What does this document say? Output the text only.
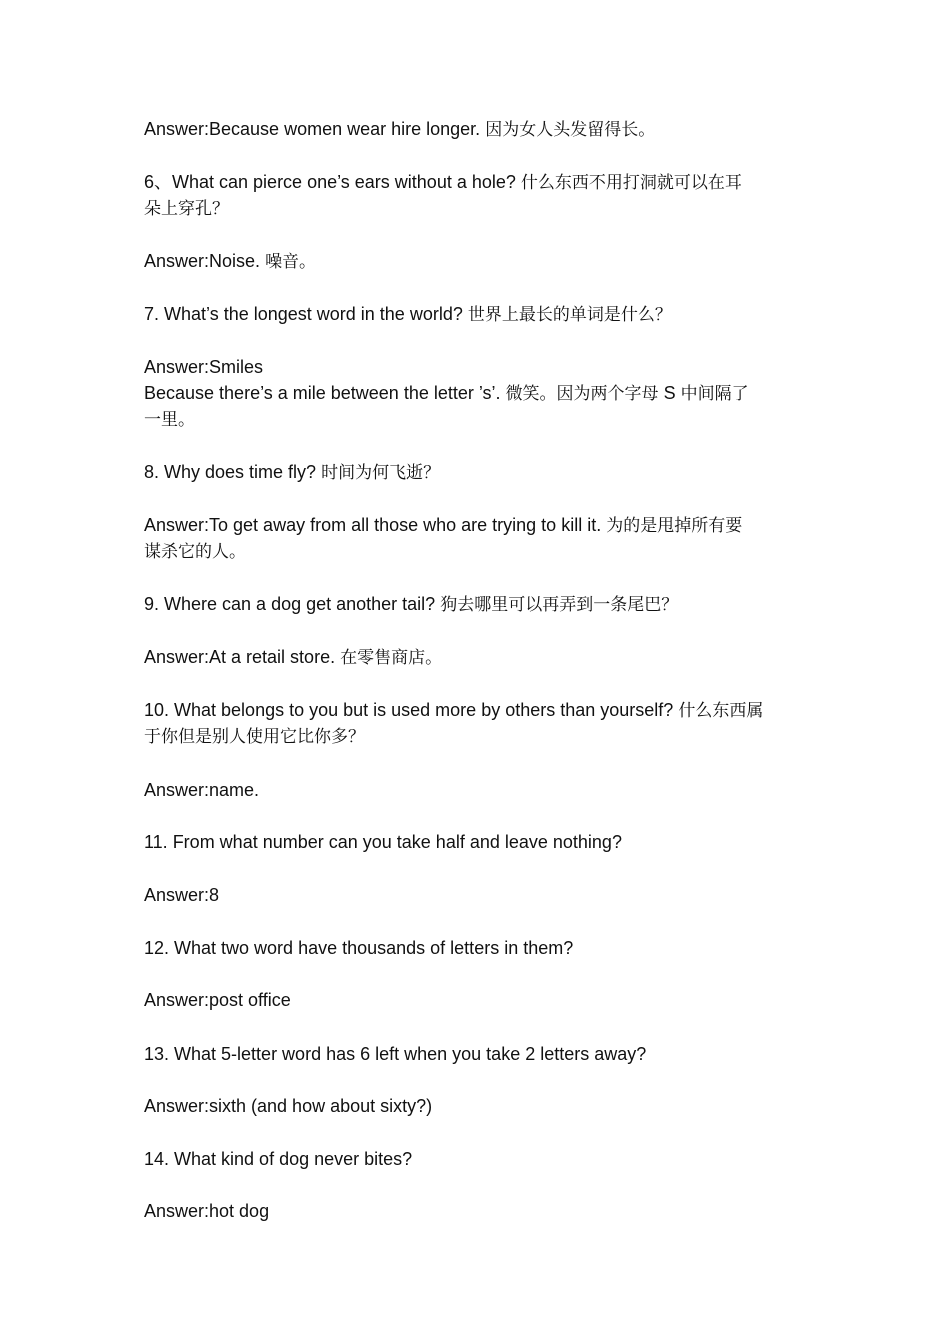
Answer:Because women wear hire longer. 因为女人头发留得长。
6、What can pierce one’s ears without a hole? 什么东西不用打洞就可以在耳
朵上穿孔？
Answer:Noise. 噪音。
7. What’s the longest word in the world? 世界上最长的单词是什么？
Answer:Smiles
Because there’s a mile between the letter ’s’. 微笑。因为两个字母 S 中间隔了
一里。
8. Why does time fly? 时间为何飞逝？
Answer:To get away from all those who are trying to kill it. 为的是甩掉所有要
谋杀它的人。
9. Where can a dog get another tail? 狗去哪里可以再弄到一条尾巴？
Answer:At a retail store. 在零售商店。
10. What belongs to you but is used more by others than yourself? 什么东西属
于你但是别人使用它比你多？
Answer:name.
11. From what number can you take half and leave nothing?
Answer:8
12. What two word have thousands of letters in them?
Answer:post office
13. What 5-letter word has 6 left when you take 2 letters away?
Answer:sixth (and how about sixty?)
14. What kind of dog never bites?
Answer:hot dog
